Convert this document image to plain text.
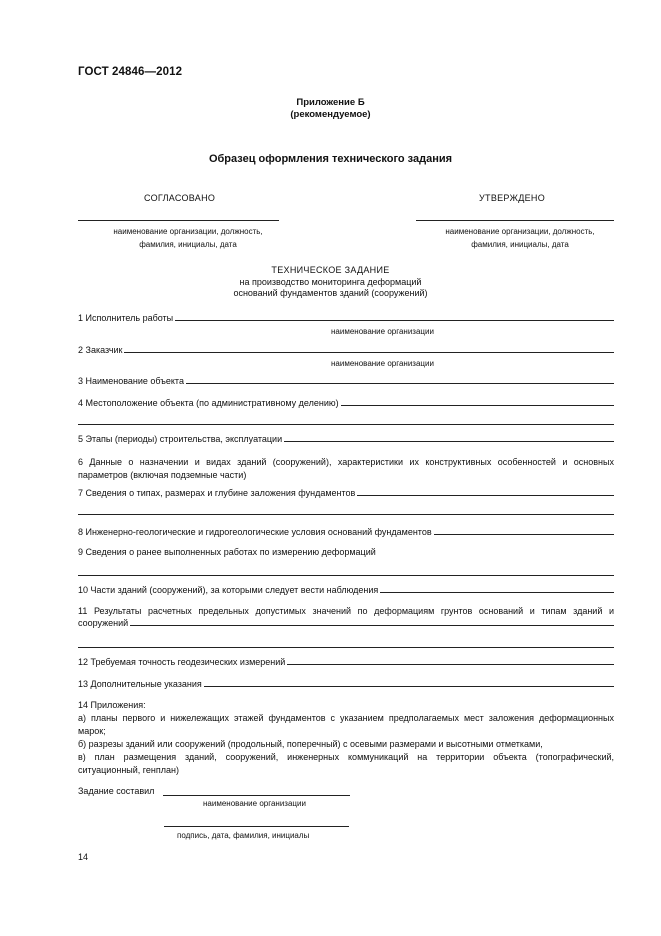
ГОСТ 24846—2012
Приложение Б
(рекомендуемое)
Образец оформления технического задания
СОГЛАСОВАНО	УТВЕРЖДЕНО
наименование организации, должность,
фамилия, инициалы, дата
наименование организации, должность,
фамилия, инициалы, дата
ТЕХНИЧЕСКОЕ ЗАДАНИЕ
на производство мониторинга деформаций
оснований фундаментов зданий (сооружений)
1 Исполнитель работы
наименование организации
2 Заказчик
наименование организации
3 Наименование объекта
4 Местоположение объекта (по административному делению)
5 Этапы (периоды) строительства, эксплуатации
6 Данные о назначении и видах зданий (сооружений), характеристики их конструктивных особенностей и основных параметров (включая подземные части)
7 Сведения о типах, размерах и глубине заложения фундаментов
8 Инженерно-геологические и гидрогеологические условия оснований фундаментов
9 Сведения о ранее выполненных работах по измерению деформаций
10 Части зданий (сооружений), за которыми следует вести наблюдения
11 Результаты расчетных предельных допустимых значений по деформациям грунтов оснований и типам зданий и
сооружений
12 Требуемая точность геодезических измерений
13 Дополнительные указания
14 Приложения:
а) планы первого и нижележащих этажей фундаментов с указанием предполагаемых мест заложения деформационных марок;
б) разрезы зданий или сооружений (продольный, поперечный) с осевыми размерами и высотными отметками,
в) план размещения зданий, сооружений, инженерных коммуникаций на территории объекта (топографический, ситуационный, генплан)
Задание составил
наименование организации
подпись, дата, фамилия, инициалы
14
